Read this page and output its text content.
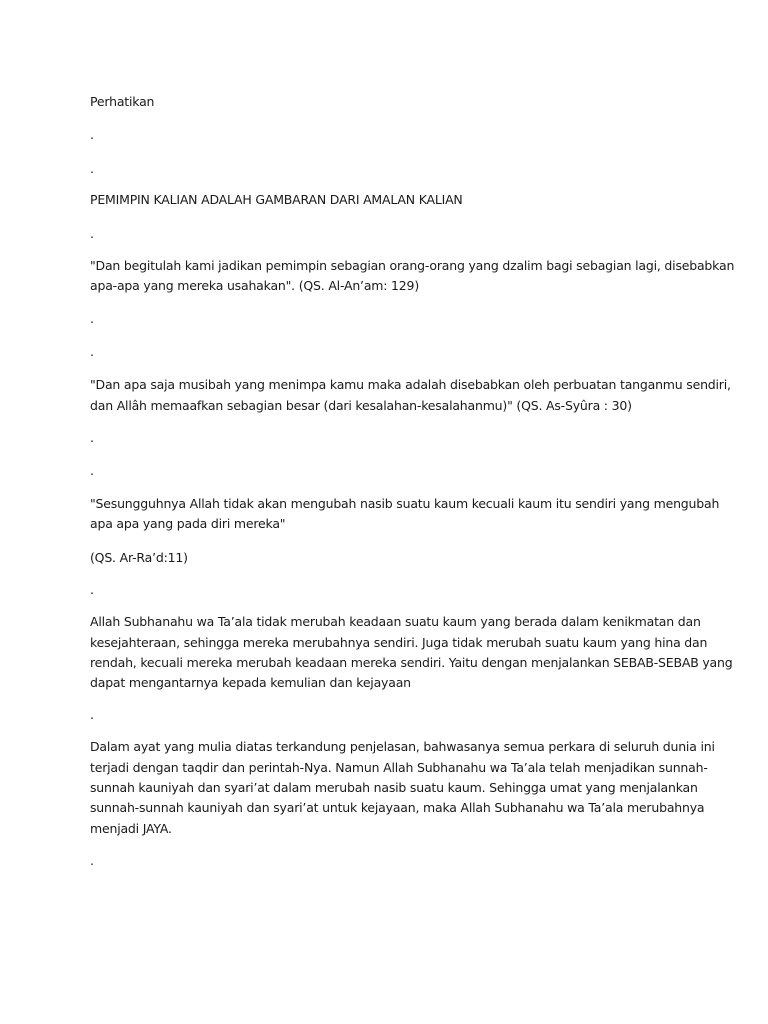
Perhatikan
.
.
PEMIMPIN KALIAN ADALAH GAMBARAN DARI AMALAN KALIAN
.
"Dan begitulah kami jadikan pemimpin sebagian orang-orang yang dzalim bagi sebagian lagi, disebabkan
apa-apa yang mereka usahakan". (QS. Al-An’am: 129)
.
.
"Dan apa saja musibah yang menimpa kamu maka adalah disebabkan oleh perbuatan tanganmu sendiri,
dan Allâh memaafkan sebagian besar (dari kesalahan-kesalahanmu)" (QS. As-Syûra : 30)
.
.
"Sesungguhnya Allah tidak akan mengubah nasib suatu kaum kecuali kaum itu sendiri yang mengubah
apa apa yang pada diri mereka"
(QS. Ar-Ra’d:11)
.
Allah Subhanahu wa Ta’ala tidak merubah keadaan suatu kaum yang berada dalam kenikmatan dan
kesejahteraan, sehingga mereka merubahnya sendiri. Juga tidak merubah suatu kaum yang hina dan
rendah, kecuali mereka merubah keadaan mereka sendiri. Yaitu dengan menjalankan SEBAB-SEBAB yang
dapat mengantarnya kepada kemulian dan kejayaan
.
Dalam ayat yang mulia diatas terkandung penjelasan, bahwasanya semua perkara di seluruh dunia ini
terjadi dengan taqdir dan perintah-Nya. Namun Allah Subhanahu wa Ta’ala telah menjadikan sunnah-
sunnah kauniyah dan syari’at dalam merubah nasib suatu kaum. Sehingga umat yang menjalankan
sunnah-sunnah kauniyah dan syari’at untuk kejayaan, maka Allah Subhanahu wa Ta’ala merubahnya
menjadi JAYA.
.
